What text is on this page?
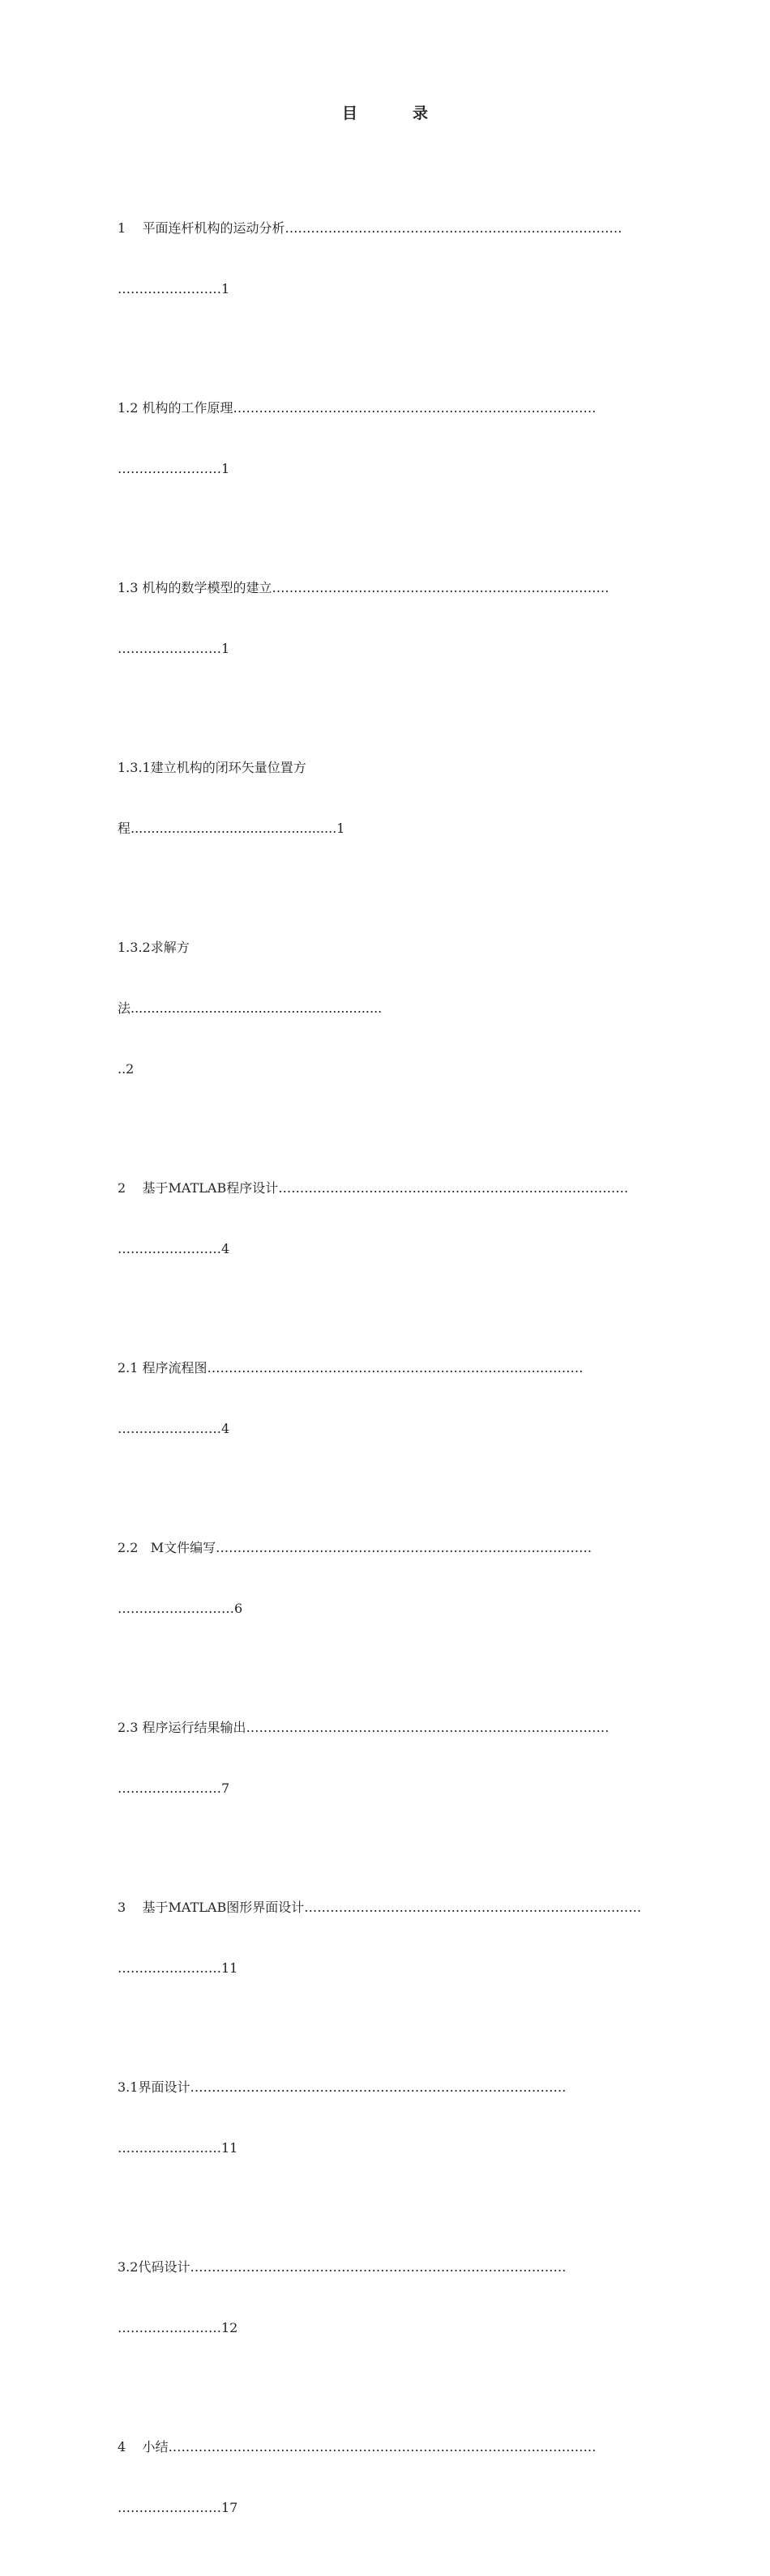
目	录

1    平面连杆机构的运动分析……………………………………………………………………

……………………1

1.2 机构的工作原理…………………………………………………………………………

……………………1

1.3 机构的数学模型的建立……………………………………………………………………

……………………1

1.3.1建立机构的闭环矢量位置方

程..................................................1

1.3.2求解方

法.............................................................

..2

2    基于MATLAB程序设计………………………………………………………………………

……………………4

2.1 程序流程图……………………………………………………………………………

……………………4

2.2   M文件编写……………………………………………………………………………

………………………6

2.3 程序运行结果输出…………………………………………………………………………

……………………7

3    基于MATLAB图形界面设计……………………………………………………………………

……………………11

3.1界面设计……………………………………………………………………………

……………………11

3.2代码设计……………………………………………………………………………

……………………12

4    小结………………………………………………………………………………………

……………………17
